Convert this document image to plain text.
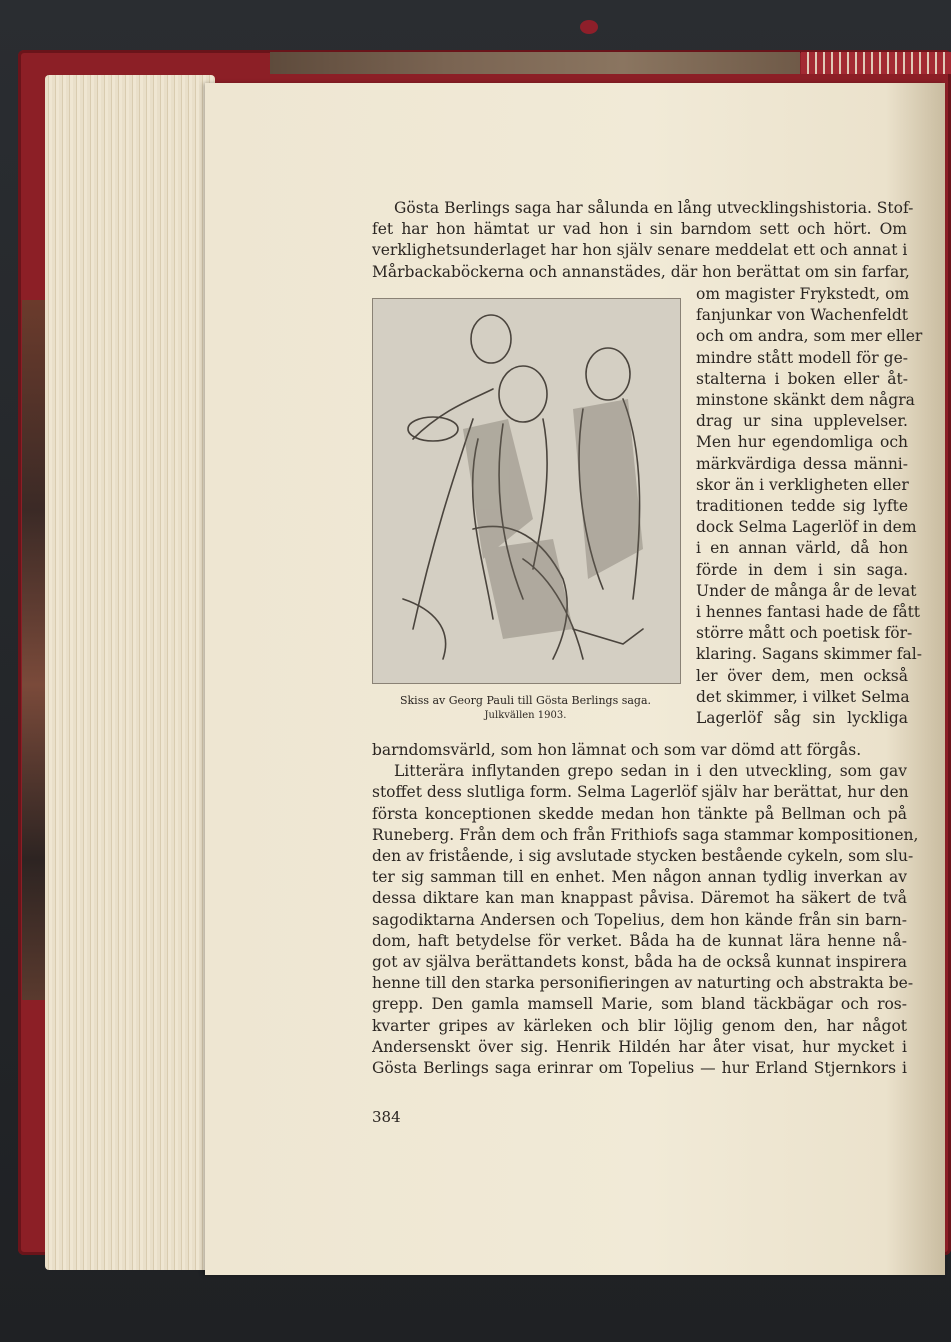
Gösta Berlings saga har sålunda en lång utvecklingshistoria. Stof-
fet har hon hämtat ur vad hon i sin barndom sett och hört. Om
verklighetsunderlaget har hon själv senare meddelat ett och annat i
Mårbackaböckerna och annanstädes, där hon berättat om sin farfar,
Skiss av Georg Pauli till Gösta Berlings saga.
Julkvällen 1903.
om magister Frykstedt, om
fanjunkar von Wachenfeldt
och om andra, som mer eller
mindre stått modell för ge-
stalterna i boken eller åt-
minstone skänkt dem några
drag ur sina upplevelser.
Men hur egendomliga och
märkvärdiga dessa männi-
skor än i verkligheten eller
traditionen tedde sig lyfte
dock Selma Lagerlöf in dem
i en annan värld, då hon
förde in dem i sin saga.
Under de många år de levat
i hennes fantasi hade de fått
större mått och poetisk för-
klaring. Sagans skimmer fal-
ler över dem, men också
det skimmer, i vilket Selma
Lagerlöf såg sin lyckliga
barndomsvärld, som hon lämnat och som var dömd att förgås.
Litterära inflytanden grepo sedan in i den utveckling, som gav
stoffet dess slutliga form. Selma Lagerlöf själv har berättat, hur den
första konceptionen skedde medan hon tänkte på Bellman och på
Runeberg. Från dem och från Frithiofs saga stammar kompositionen,
den av fristående, i sig avslutade stycken bestående cykeln, som slu-
ter sig samman till en enhet. Men någon annan tydlig inverkan av
dessa diktare kan man knappast påvisa. Däremot ha säkert de två
sagodiktarna Andersen och Topelius, dem hon kände från sin barn-
dom, haft betydelse för verket. Båda ha de kunnat lära henne nå-
got av själva berättandets konst, båda ha de också kunnat inspirera
henne till den starka personifieringen av naturting och abstrakta be-
grepp. Den gamla mamsell Marie, som bland täckbägar och ros-
kvarter gripes av kärleken och blir löjlig genom den, har något
Andersenskt över sig. Henrik Hildén har åter visat, hur mycket i
Gösta Berlings saga erinrar om Topelius — hur Erland Stjernkors i
384
